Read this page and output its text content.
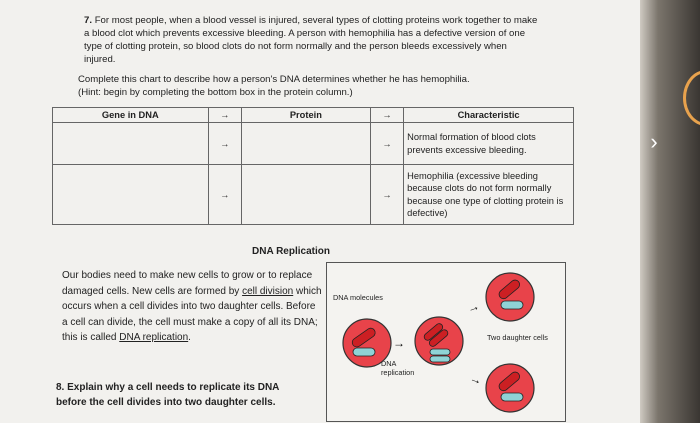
7. For most people, when a blood vessel is injured, several types of clotting proteins work together to make a blood clot which prevents excessive bleeding. A person with hemophilia has a defective version of one type of clotting protein, so blood clots do not form normally and the person bleeds excessively when injured.
Complete this chart to describe how a person's DNA determines whether he has hemophilia.
(Hint: begin by completing the bottom box in the protein column.)
Gene in DNA	→	Protein	→	Characteristic
	→		→	Normal formation of blood clots prevents excessive bleeding.
	→		→	Hemophilia (excessive bleeding because clots do not form normally because one type of clotting protein is defective)
DNA Replication
Our bodies need to make new cells to grow or to replace damaged cells. New cells are formed by cell division which occurs when a cell divides into two daughter cells. Before a cell can divide, the cell must make a copy of all its DNA; this is called DNA replication.
DNA molecules
DNA
replication
Two daughter cells
→
→
→
8. Explain why a cell needs to replicate its DNA
before the cell divides into two daughter cells.
›
